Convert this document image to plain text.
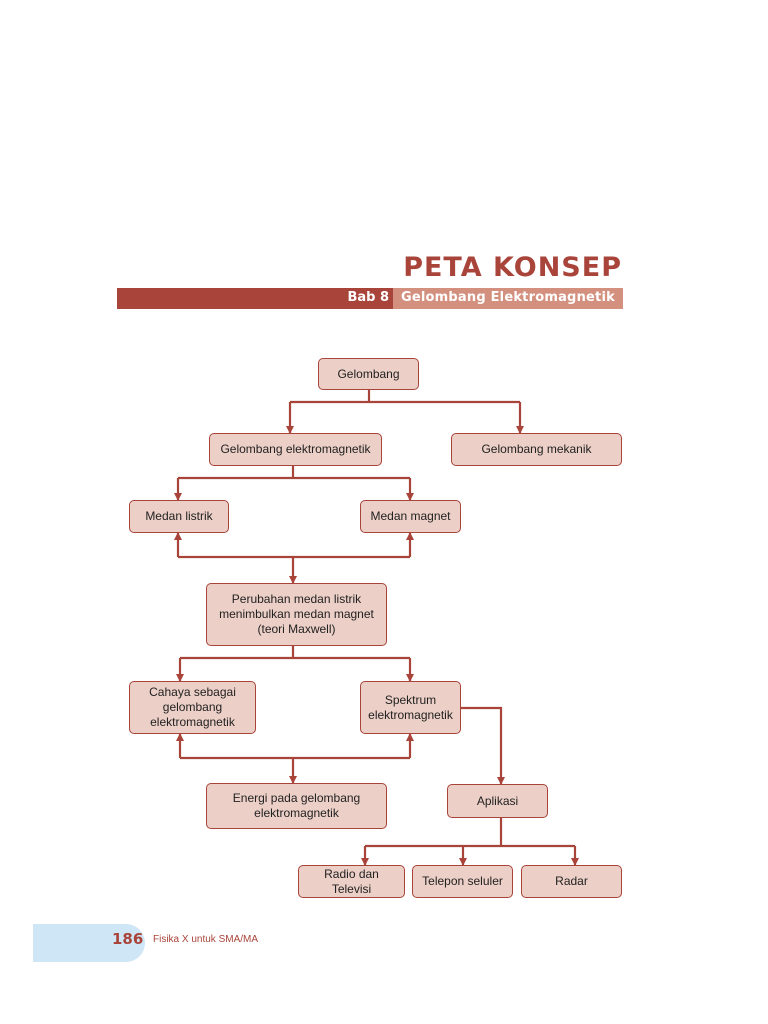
PETA KONSEP
Bab 8 Gelombang Elektromagnetik
Gelombang
Gelombang elektromagnetik	Gelombang mekanik
Medan listrik	Medan magnet
Perubahan medan listrik
menimbulkan medan magnet
(teori Maxwell)
Cahaya sebagai
gelombang
elektromagnetik
Spektrum
elektromagnetik
Energi pada gelombang
elektromagnetik
Aplikasi
Radio dan Televisi
Telepon seluler	Radar
186 Fisika X untuk SMA/MA
